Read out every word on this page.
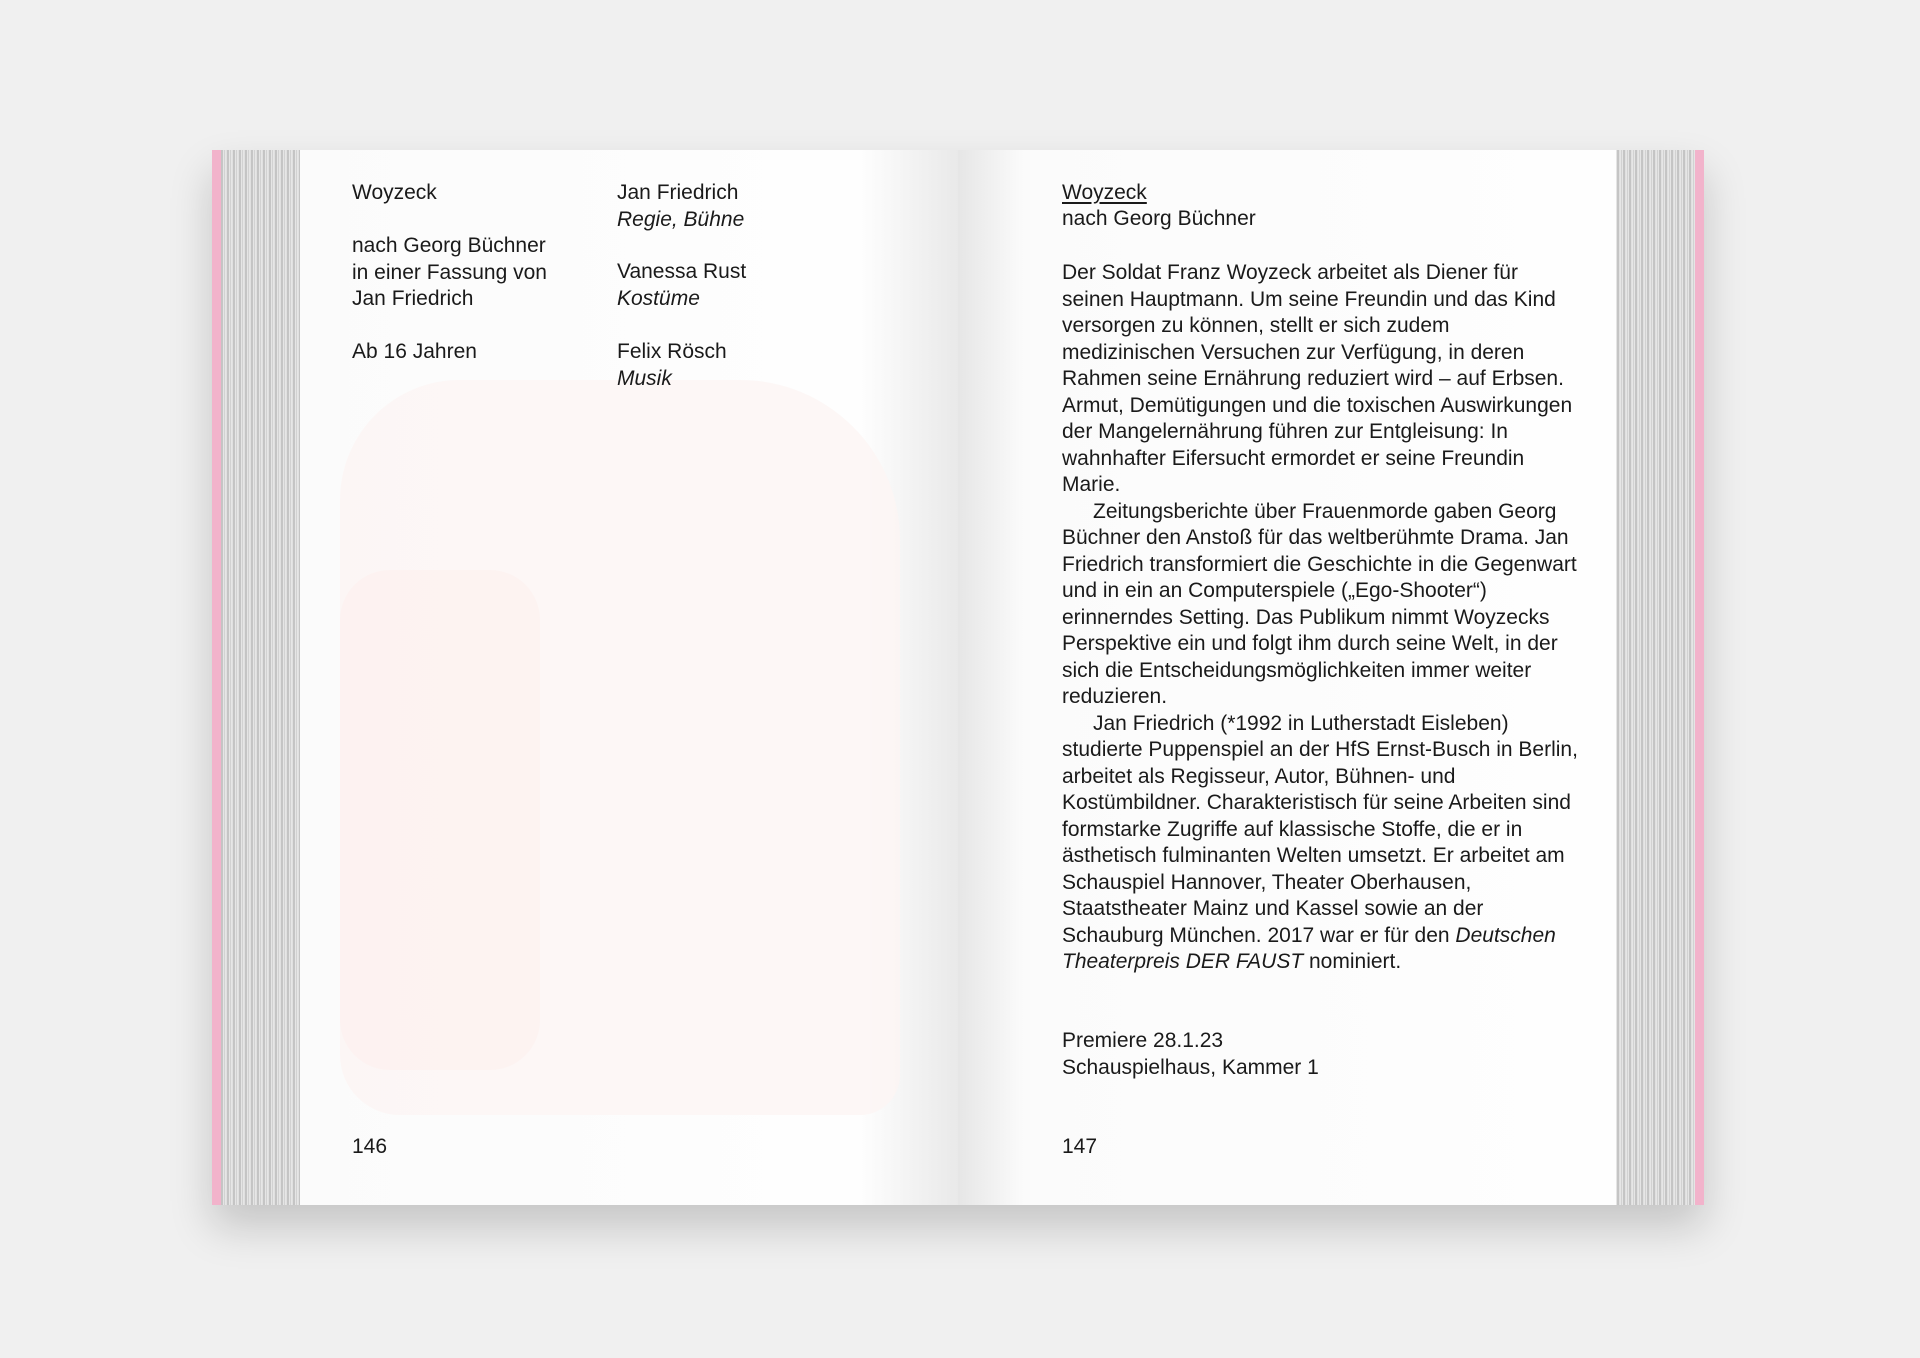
Woyzeck
nach Georg Büchner
in einer Fassung von
Jan Friedrich
Ab 16 Jahren
Jan Friedrich
Regie, Bühne
Vanessa Rust
Kostüme
Felix Rösch
Musik
146
Woyzeck
nach Georg Büchner

Der Soldat Franz Woyzeck arbeitet als Diener für seinen Hauptmann. Um seine Freundin und das Kind versorgen zu können, stellt er sich zudem medizinischen Versuchen zur Verfügung, in deren Rahmen seine Ernährung reduziert wird – auf Erbsen. Armut, Demütigungen und die toxischen Auswirkungen der Mangelernährung führen zur Entgleisung: In wahnhafter Eifersucht ermordet er seine Freundin Marie.

Zeitungsberichte über Frauenmorde gaben Georg Büchner den Anstoß für das weltberühmte Drama. Jan Friedrich transformiert die Geschichte in die Gegenwart und in ein an Computerspiele („Ego-Shooter“) erinnerndes Setting. Das Publikum nimmt Woyzecks Perspektive ein und folgt ihm durch seine Welt, in der sich die Entscheidungsmöglichkeiten immer weiter reduzieren.

Jan Friedrich (*1992 in Lutherstadt Eisleben) studierte Puppenspiel an der HfS Ernst-Busch in Berlin, arbeitet als Regisseur, Autor, Bühnen- und Kostümbildner. Charakteristisch für seine Arbeiten sind formstarke Zugriffe auf klassische Stoffe, die er in ästhetisch fulminanten Welten umsetzt. Er arbeitet am Schauspiel Hannover, Theater Oberhausen, Staatstheater Mainz und Kassel sowie an der Schauburg München. 2017 war er für den Deutschen Theaterpreis DER FAUST nominiert.

Premiere 28.1.23
Schauspielhaus, Kammer 1
147
